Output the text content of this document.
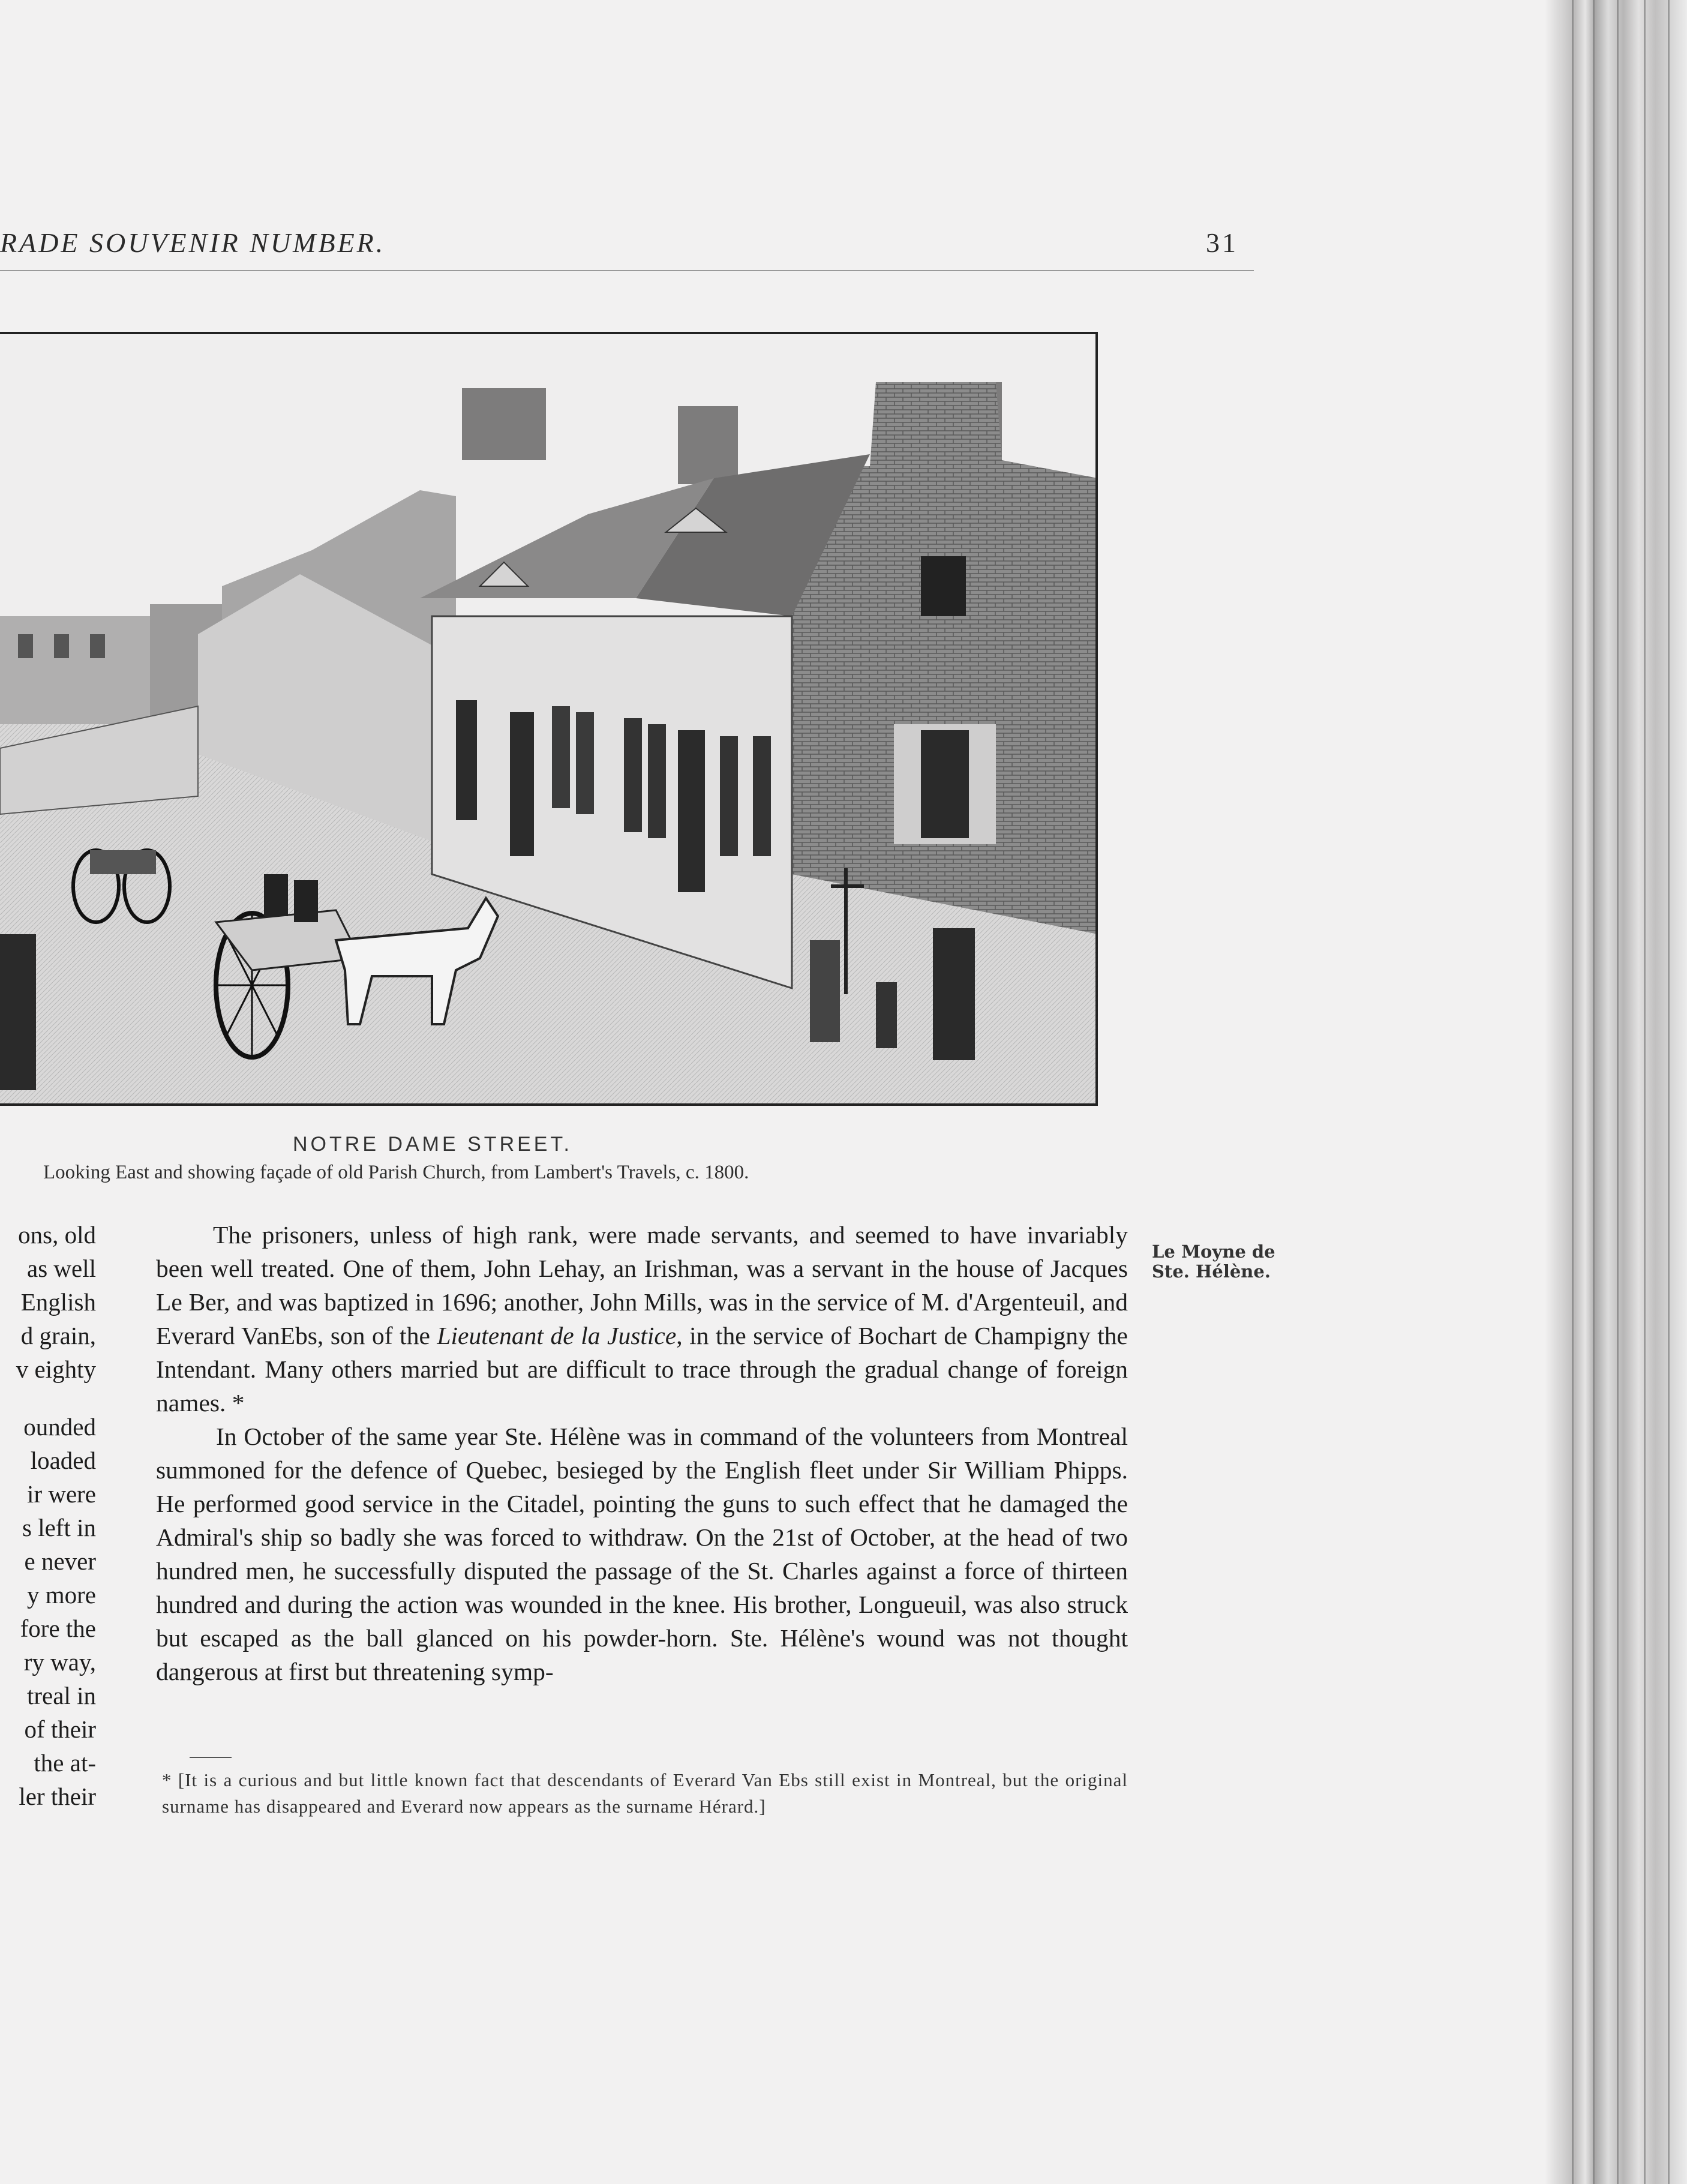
RADE SOUVENIR NUMBER.	31
NOTRE DAME STREET.
Looking East and showing façade of old Parish Church, from Lambert's Travels, c. 1800.
ons, old
as well
English
d grain,
v eighty
ounded
loaded
ir were
s left in
e never
y more
fore the
ry way,
treal in
of their
the at-
ler their

The prisoners, unless of high rank, were made servants, and seemed to have invariably been well treated. One of them, John Lehay, an Irishman, was a servant in the house of Jacques Le Ber, and was baptized in 1696; another, John Mills, was in the service of M. d'Argenteuil, and Everard VanEbs, son of the Lieutenant de la Justice, in the service of Bochart de Champigny the Intendant. Many others married but are difficult to trace through the gradual change of foreign names. *

In October of the same year Ste. Hélène was in command of the volunteers from Montreal summoned for the defence of Quebec, besieged by the English fleet under Sir William Phipps. He performed good service in the Citadel, pointing the guns to such effect that he damaged the Admiral's ship so badly she was forced to withdraw. On the 21st of October, at the head of two hundred men, he successfully disputed the passage of the St. Charles against a force of thirteen hundred and during the action was wounded in the knee. His brother, Longueuil, was also struck but escaped as the ball glanced on his powder-horn. Ste. Hélène's wound was not thought dangerous at first but threatening symp-

Le Moyne de
Ste. Hélène.
* [It is a curious and but little known fact that descendants of Everard Van Ebs still exist in Montreal, but the original surname has disappeared and Everard now appears as the surname Hérard.]
